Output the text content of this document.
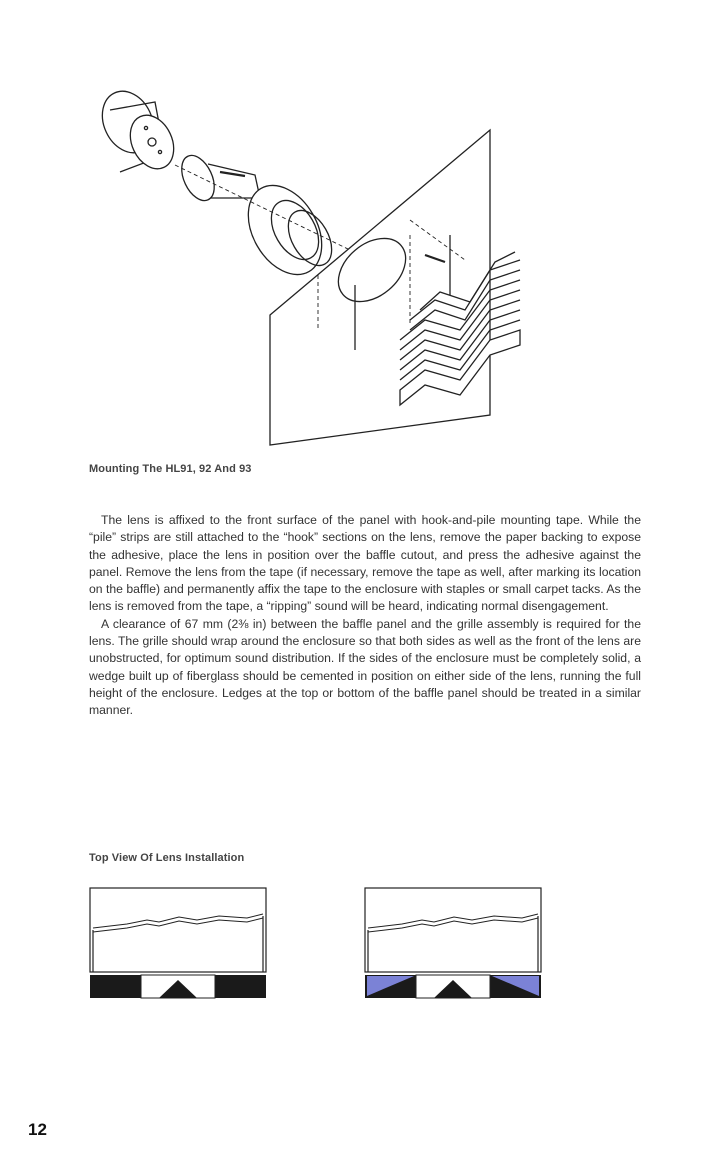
Mounting The HL91, 92 And 93

The lens is affixed to the front surface of the panel with hook-and-pile mounting tape. While the “pile” strips are still attached to the “hook” sections on the lens, remove the paper backing to expose the adhesive, place the lens in position over the baffle cutout, and press the adhesive against the panel. Remove the lens from the tape (if necessary, remove the tape as well, after marking its location on the baffle) and permanently affix the tape to the enclosure with staples or small carpet tacks. As the lens is removed from the tape, a “ripping” sound will be heard, indicating normal disengagement.

A clearance of 67 mm (2⅜ in) between the baffle panel and the grille assembly is required for the lens. The grille should wrap around the enclosure so that both sides as well as the front of the lens are unobstructed, for optimum sound distribution. If the sides of the enclosure must be completely solid, a wedge built up of fiberglass should be cemented in position on either side of the lens, running the full height of the enclosure. Ledges at the top or bottom of the baffle panel should be treated in a similar manner.

Top View Of Lens Installation
12
